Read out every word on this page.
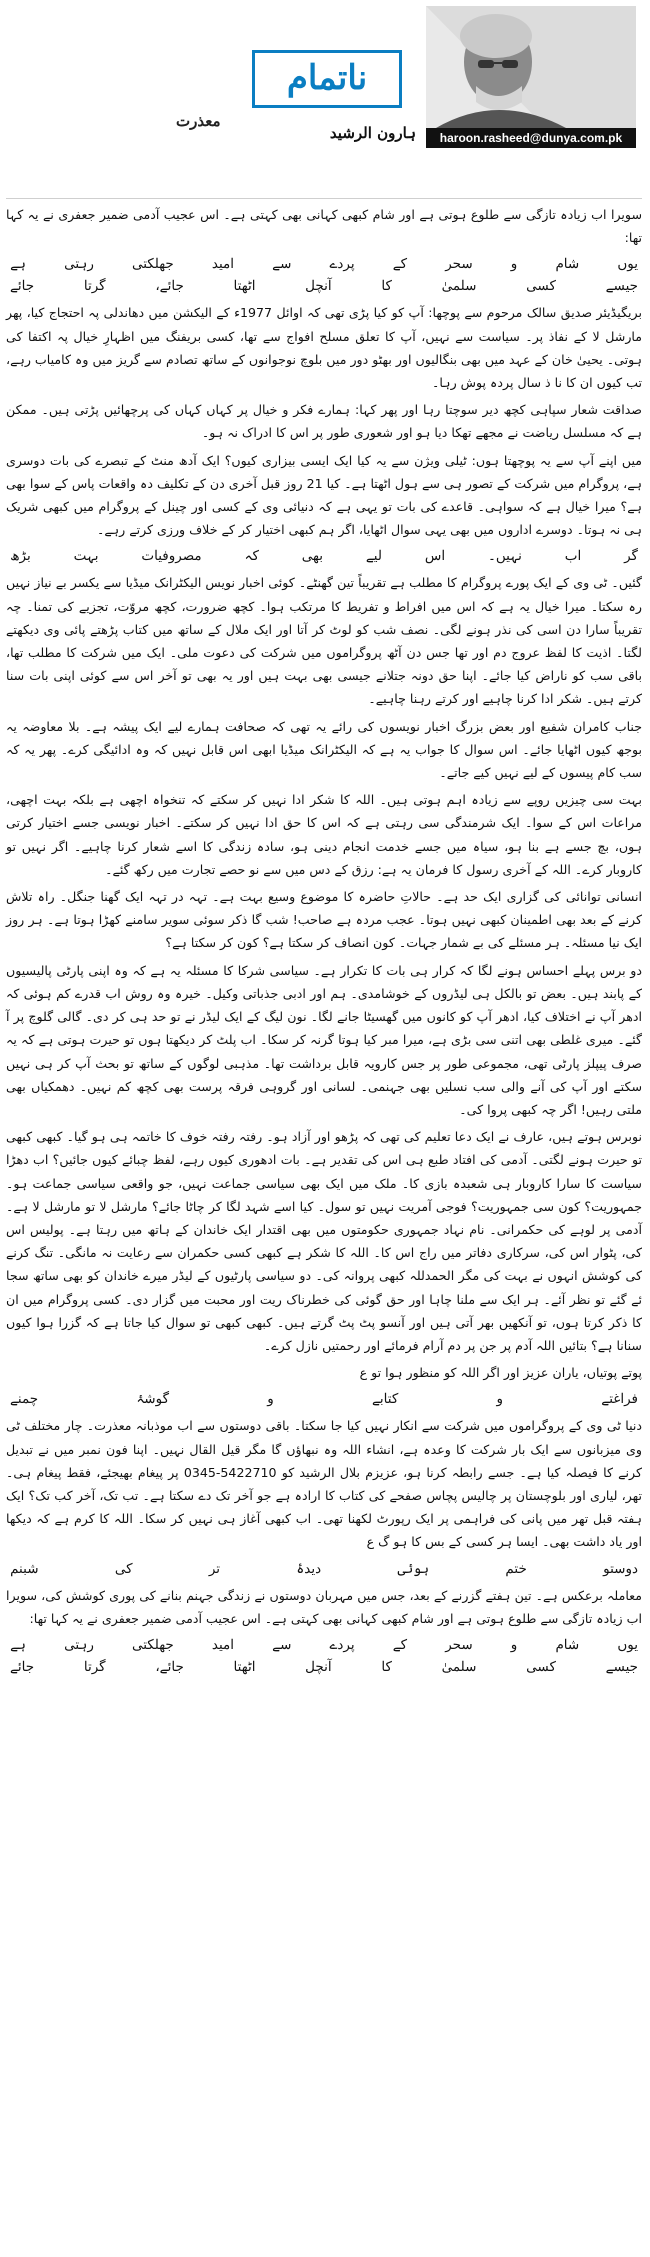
haroon.rasheed@dunya.com.pk
ہارون الرشید
ناتمام
معذرت

سویرا اب زیادہ تازگی سے طلوع ہوتی ہے اور شام کبھی کہانی بھی کہتی ہے۔ اس عجیب آدمی ضمیر جعفری نے یہ کہا تھا:

یوں
شام
و
سحر
کے
پردے
سے
امید
جھلکتی
رہتی
ہے
جیسے
کسی
سلمیٰ
کا
آنچل
اٹھتا
جائے،
گرتا
جائے

بریگیڈیئر صدیق سالک مرحوم سے پوچھا: آپ کو کیا پڑی تھی کہ اوائل 1977ء کے الیکشن میں دھاندلی پہ احتجاج کیا، پھر مارشل لا کے نفاذ پر۔ سیاست سے نہیں، آپ کا تعلق مسلح افواج سے تھا، کسی بریفنگ میں اظہارِ خیال پہ اکتفا کی ہوتی۔ یحییٰ خان کے عہد میں بھی بنگالیوں اور بھٹو دور میں بلوچ نوجوانوں کے ساتھ تصادم سے گریز میں وہ کامیاب رہے، تب کیوں ان کا نا ذ سال پردہ پوش رہا۔

صداقت شعار سپاہی کچھ دیر سوچتا رہا اور پھر کہا: ہمارے فکر و خیال پر کہاں کہاں کی پرچھائیں پڑتی ہیں۔ ممکن ہے کہ مسلسل ریاضت نے مجھے تھکا دیا ہو اور شعوری طور پر اس کا ادراک نہ ہو۔

میں اپنے آپ سے یہ پوچھتا ہوں: ٹیلی ویژن سے یہ کیا ایک ایسی بیزاری کیوں؟ ایک آدھ منٹ کے تبصرے کی بات دوسری ہے، پروگرام میں شرکت کے تصور ہی سے ہول اٹھتا ہے۔ کیا 21 روز قبل آخری دن کے تکلیف دہ واقعات پاس کے سوا بھی ہے؟ میرا خیال ہے کہ سواہی۔ قاعدے کی بات تو یہی ہے کہ دنیائی وی کے کسی اور چینل کے پروگرام میں کبھی شریک ہی نہ ہوتا۔ دوسرے اداروں میں بھی یہی سوال اٹھایا، اگر ہم کبھی اختیار کر کے خلاف ورزی کرتے رہے۔

گر
اب
نہیں۔
اس
لیے
بھی
کہ
مصروفیات
بہت
بڑھ

گئیں۔ ٹی وی کے ایک پورے پروگرام کا مطلب ہے تقریباً تین گھنٹے۔ کوئی اخبار نویس الیکٹرانک میڈیا سے یکسر بے نیاز نہیں رہ سکتا۔ میرا خیال یہ ہے کہ اس میں افراط و تفریط کا مرتکب ہوا۔ کچھ ضرورت، کچھ مروّت، تجزیے کی تمنا۔ چہ تقریباً سارا دن اسی کی نذر ہونے لگی۔ نصف شب کو لوٹ کر آتا اور ایک ملال کے ساتھ میں کتاب پڑھتے پائی وی دیکھتے لگتا۔ اذیت کا لفظ عروج دم اور تھا جس دن آٹھ پروگراموں میں شرکت کی دعوت ملی۔ ایک میں شرکت کا مطلب تھا، باقی سب کو ناراض کیا جائے۔ اپنا حق دونہ جتلانے جیسی بھی بہت ہیں اور یہ بھی تو آخر اس سے کوئی اپنی بات سنا کرتے ہیں۔ شکر ادا کرنا چاہیے اور کرتے رہنا چاہیے۔

جناب کامران شفیع اور بعض بزرگ اخبار نویسوں کی رائے یہ تھی کہ صحافت ہمارے لیے ایک پیشہ ہے۔ بلا معاوضہ یہ بوجھ کیوں اٹھایا جائے۔ اس سوال کا جواب یہ ہے کہ الیکٹرانک میڈیا ابھی اس قابل نہیں کہ وہ ادائیگی کرے۔ پھر یہ کہ سب کام پیسوں کے لیے نہیں کیے جاتے۔

بہت سی چیزیں روپے سے زیادہ اہم ہوتی ہیں۔ اللہ کا شکر ادا نہیں کر سکتے کہ تنخواہ اچھی ہے بلکہ بہت اچھی، مراعات اس کے سوا۔ ایک شرمندگی سی رہتی ہے کہ اس کا حق ادا نہیں کر سکتے۔ اخبار نویسی جسے اختیار کرتی ہوں، بچ جسے ہے بنا ہو، سیاہ میں جسے خدمت انجام دینی ہو، سادہ زندگی کا اسے شعار کرنا چاہیے۔ اگر نہیں تو کاروبار کرے۔ اللہ کے آخری رسول کا فرمان یہ ہے: رزق کے دس میں سے نو حصے تجارت میں رکھ گئے۔

انسانی توانائی کی گزاری ایک حد ہے۔ حالاتِ حاضرہ کا موضوع وسیع بہت ہے۔ تہہ در تہہ ایک گھنا جنگل۔ راہ تلاش کرنے کے بعد بھی اطمینان کبھی نہیں ہوتا۔ عجب مردہ ہے صاحب! شب گا ذکر سوئی سویر سامنے کھڑا ہوتا ہے۔ ہر روز ایک نیا مسئلہ۔ ہر مسئلے کی بے شمار جہات۔ کون انصاف کر سکتا ہے؟ کون کر سکتا ہے؟

دو برس پہلے احساس ہونے لگا کہ کرار ہی بات کا تکرار ہے۔ سیاسی شرکا کا مسئلہ یہ ہے کہ وہ اپنی پارٹی پالیسیوں کے پابند ہیں۔ بعض تو بالکل ہی لیڈروں کے خوشامدی۔ ہم اور ادبی جذباتی وکیل۔ خیرہ وہ روش اب قدرے کم ہوئی کہ ادھر آپ نے اختلاف کیا، ادھر آپ کو کانوں میں گھسیٹا جانے لگا۔ نون لیگ کے ایک لیڈر نے تو حد ہی کر دی۔ گالی گلوچ پر آ گئے۔ میری غلطی بھی اتنی سی بڑی ہے، میرا مبر کیا ہوتا گرنہ کر سکا۔ اب پلٹ کر دیکھتا ہوں تو حیرت ہوتی ہے کہ یہ صرف پیپلز پارٹی تھی، مجموعی طور پر جس کارویہ قابل برداشت تھا۔ مذہبی لوگوں کے ساتھ تو بحث آپ کر ہی نہیں سکتے اور آپ کی آنے والی سب نسلیں بھی جہنمی۔ لسانی اور گروہی فرقہ پرست بھی کچھ کم نہیں۔ دھمکیاں بھی ملتی رہیں! اگر چہ کبھی پروا کی۔

نوبرس ہوتے ہیں، عارف نے ایک دعا تعلیم کی تھی کہ پڑھو اور آزاد ہو۔ رفتہ رفتہ خوف کا خاتمہ ہی ہو گیا۔ کبھی کبھی تو حیرت ہونے لگتی۔ آدمی کی افتاد طبع ہی اس کی تقدیر ہے۔ بات ادھوری کیوں رہے، لفظ چبائے کیوں جائیں؟ اب دھڑا سیاست کا سارا کاروبار ہی شعبدہ بازی کا۔ ملک میں ایک بھی سیاسی جماعت نہیں، جو واقعی سیاسی جماعت ہو۔ جمہوریت؟ کون سی جمہوریت؟ فوجی آمریت نہیں تو سول۔ کیا اسے شہد لگا کر چاٹا جائے؟ مارشل لا تو مارشل لا ہے۔ آدمی پر لوہے کی حکمرانی۔ نام نہاد جمہوری حکومتوں میں بھی اقتدار ایک خاندان کے ہاتھ میں رہتا ہے۔ پولیس اس کی، پٹوار اس کی، سرکاری دفاتر میں راج اس کا۔ اللہ کا شکر ہے کبھی کسی حکمران سے رعایت نہ مانگی۔ تنگ کرنے کی کوشش انہوں نے بہت کی مگر الحمدللہ کبھی پروانہ کی۔ دو سیاسی پارٹیوں کے لیڈر میرے خاندان کو بھی ساتھ سجا ئے گئے تو نظر آئے۔ ہر ایک سے ملنا چاہا اور حق گوئی کی خطرناک ریت اور محبت میں گزار دی۔ کسی پروگرام میں ان کا ذکر کرتا ہوں، تو آنکھیں بھر آتی ہیں اور آنسو پٹ پٹ گرتے ہیں۔ کبھی کبھی تو سوال کیا جاتا ہے کہ گزرا ہوا کیوں سنانا ہے؟ بتائیں اللہ آدم پر جن پر دم آرام فرمائے اور رحمتیں نازل کرے۔

پوتے پوتیاں، یاران عزیز اور اگر اللہ کو منظور ہوا تو ع

فراغتے
و
کتابے
و
گوشۂ
چمنے

دنیا ٹی وی کے پروگراموں میں شرکت سے انکار نہیں کیا جا سکتا۔ باقی دوستوں سے اب موذبانہ معذرت۔ چار مختلف ٹی وی میزبانوں سے ایک بار شرکت کا وعدہ ہے، انشاء اللہ وہ نبھاؤں گا مگر قیل القال نہیں۔ اپنا فون نمبر میں نے تبدیل کرنے کا فیصلہ کیا ہے۔ جسے رابطہ کرنا ہو، عزیزم بلال الرشید کو 5422710-0345 پر پیغام بھیجئے، فقط پیغام ہی۔ تھر، لیاری اور بلوچستان پر چالیس پچاس صفحے کی کتاب کا ارادہ ہے جو آخر تک دے سکتا ہے۔ تب تک، آخر کب تک؟ ایک ہفتہ قبل تھر میں پانی کی فراہمی پر ایک رپورٹ لکھنا تھی۔ اب کبھی آغاز ہی نہیں کر سکا۔ اللہ کا کرم ہے کہ دیکھا اور یاد داشت بھی۔ ایسا ہر کسی کے بس کا ہو گ ع

دوستو
ختم
ہوئی
دیدۂ
تر
کی
شبنم

معاملہ برعکس ہے۔ تین ہفتے گزرنے کے بعد، جس میں مہربان دوستوں نے زندگی جہنم بنانے کی پوری کوشش کی، سویرا اب زیادہ تازگی سے طلوع ہوتی ہے اور شام کبھی کہانی بھی کہتی ہے۔ اس عجیب آدمی ضمیر جعفری نے یہ کہا تھا:

یوں
شام
و
سحر
کے
پردے
سے
امید
جھلکتی
رہتی
ہے
جیسے
کسی
سلمیٰ
کا
آنچل
اٹھتا
جائے،
گرتا
جائے
